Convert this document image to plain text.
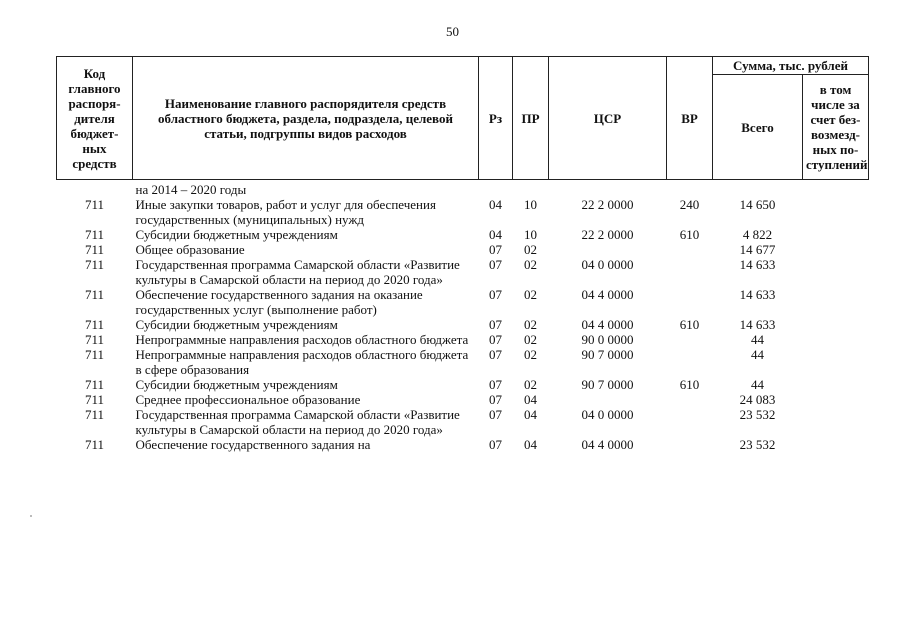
50
Код главного распоря-дителя бюджет-ных средств	Наименование главного распорядителя средств областного бюджета, раздела, подраздела, целевой статьи, подгруппы видов расходов	Рз	ПР	ЦСР	ВР	Сумма, тыс. рублей	
						Всего	в том числе за счет без-возмезд-ных по-ступлений
	на 2014 – 2020 годы						
711	Иные закупки товаров, работ и услуг для обеспечения государственных (муниципальных) нужд	04	10	22 2 0000	240	14 650	
711	Субсидии бюджетным учреждениям	04	10	22 2 0000	610	4 822	
711	Общее образование	07	02			14 677	
711	Государственная программа Самарской области «Развитие культуры в Самарской области на период до 2020 года»	07	02	04 0 0000		14 633	
711	Обеспечение государственного задания на оказание государственных услуг (выполнение работ)	07	02	04 4 0000		14 633	
711	Субсидии бюджетным учреждениям	07	02	04 4 0000	610	14 633	
711	Непрограммные направления расходов областного бюджета	07	02	90 0 0000		44	
711	Непрограммные направления расходов областного бюджета в сфере образования	07	02	90 7 0000		44	
711	Субсидии бюджетным учреждениям	07	02	90 7 0000	610	44	
711	Среднее профессиональное образование	07	04			24 083	
711	Государственная программа Самарской области «Развитие культуры в Самарской области на период до 2020 года»	07	04	04 0 0000		23 532	
711	Обеспечение государственного задания на	07	04	04 4 0000		23 532	
